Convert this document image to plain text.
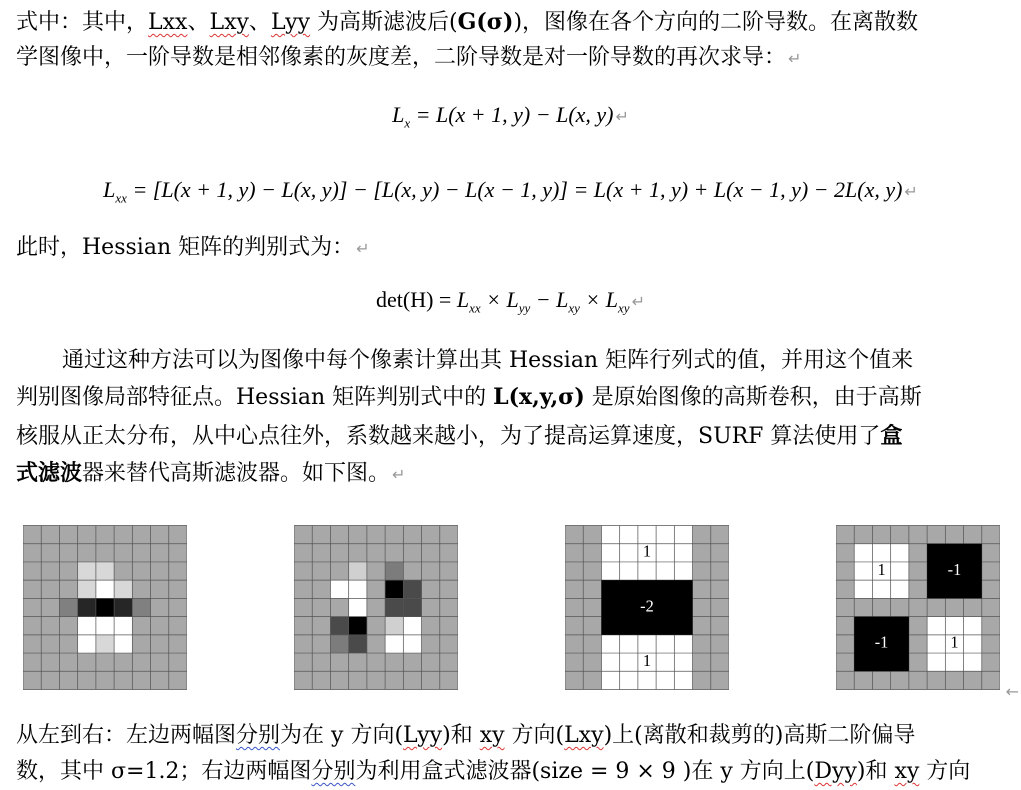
式中：其中，Lxx、Lxy、Lyy 为高斯滤波后(G(σ))，图像在各个方向的二阶导数。在离散数

学图像中，一阶导数是相邻像素的灰度差，二阶导数是对一阶导数的再次求导： ↵

$L_x = L(x + 1$, y) − L(x, y) ↵
$L_{xx} = [L(x + 1$, y) − L(x, y)] − [L(x, y) − L(x − 1, y)] = L(x + 1, y) + L(x − 1, y) − 2L(x, y) ↵

此时，Hessian 矩阵的判别式为： ↵

$\det(H) = L_{xx} \times L_{yy} - L_{xy} \times L_{xy}$ ↵

通过这种方法可以为图像中每个像素计算出其 Hessian 矩阵行列式的值，并用这个值来

判别图像局部特征点。Hessian 矩阵判别式中的 L(x,y,σ) 是原始图像的高斯卷积，由于高斯

核服从正太分布，从中心点往外，系数越来越小，为了提高运算速度，SURF 算法使用了盒

式滤波器来替代高斯滤波器。如下图。 ↵

←

从左到右：左边两幅图分别为在 y 方向(Lyy)和 xy 方向(Lxy)上(离散和裁剪的)高斯二阶偏导

数，其中 σ=1.2；右边两幅图分别为利用盒式滤波器(size = 9 × 9 )在 y 方向上(Dyy)和 xy 方向
